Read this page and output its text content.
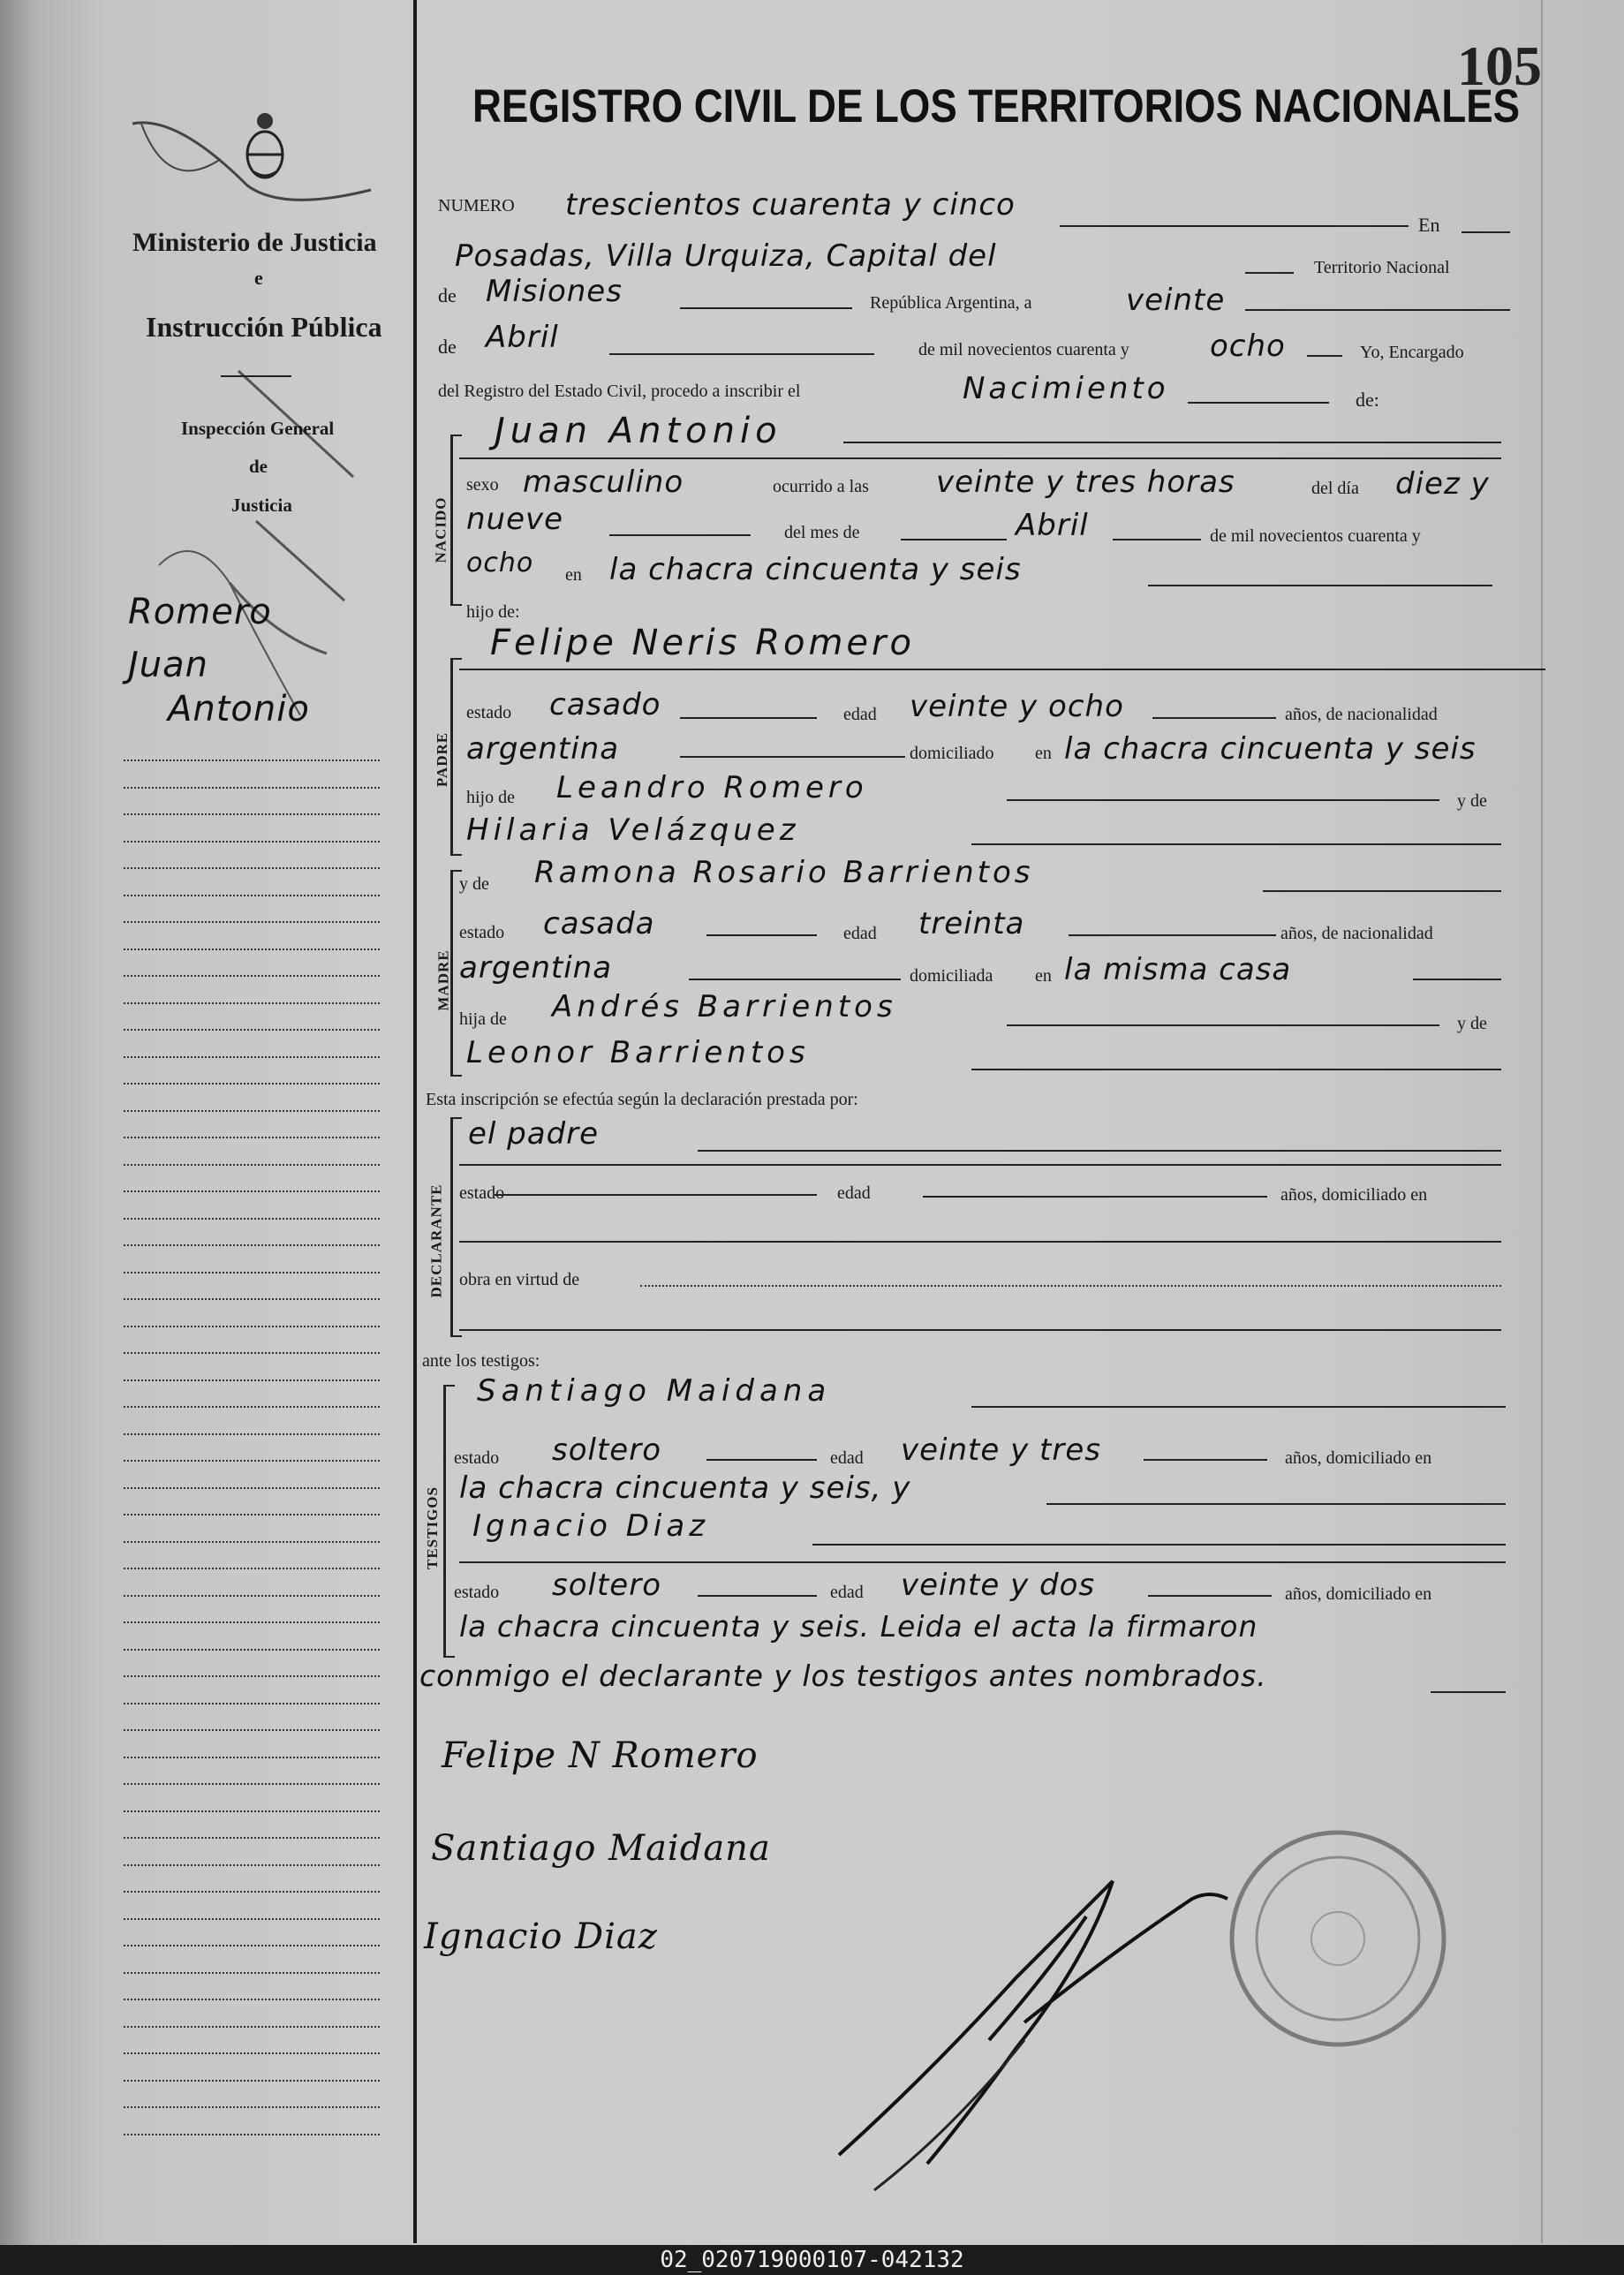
105
Ministerio de Justicia
e
Instrucción Pública
Inspección General
de
Justicia
Romero
Juan
Antonio
REGISTRO CIVIL DE LOS TERRITORIOS NACIONALES
NUMERO trescientos cuarenta y cinco
En
Posadas, Villa Urquiza, Capital del	Territorio Nacional
de Misiones	República Argentina, a	veinte
de Abril	de mil novecientos cuarenta y	ocho	Yo, Encargado
del Registro del Estado Civil, procedo a inscribir el	Nacimiento	de:
NACIDO
Juan Antonio
sexo masculino	ocurrido a las veinte y tres horas	del día diez y
nueve	del mes de	Abril	de mil novecientos cuarenta y
ocho en la chacra cincuenta y seis
hijo de:
PADRE
Felipe Neris Romero
estado casado	edad veinte y ocho	años, de nacionalidad
argentina	domiciliado en la chacra cincuenta y seis
hijo de Leandro Romero	y de
Hilaria Velázquez
MADRE
y de Ramona Rosario Barrientos
estado casada	edad treinta	años, de nacionalidad
argentina	domiciliada en la misma casa
hija de Andrés Barrientos	y de
Leonor Barrientos
Esta inscripción se efectúa según la declaración prestada por:
DECLARANTE
el padre
estado	edad	años, domiciliado en
obra en virtud de
ante los testigos:
TESTIGOS
Santiago Maidana
estado soltero	edad veinte y tres	años, domiciliado en
la chacra cincuenta y seis, y
Ignacio Diaz
estado soltero	edad veinte y dos	años, domiciliado en
la chacra cincuenta y seis. Leida el acta la firmaron
conmigo el declarante y los testigos antes nombrados.
Felipe N Romero
Santiago Maidana
Ignacio Diaz
02_020719000107-042132
